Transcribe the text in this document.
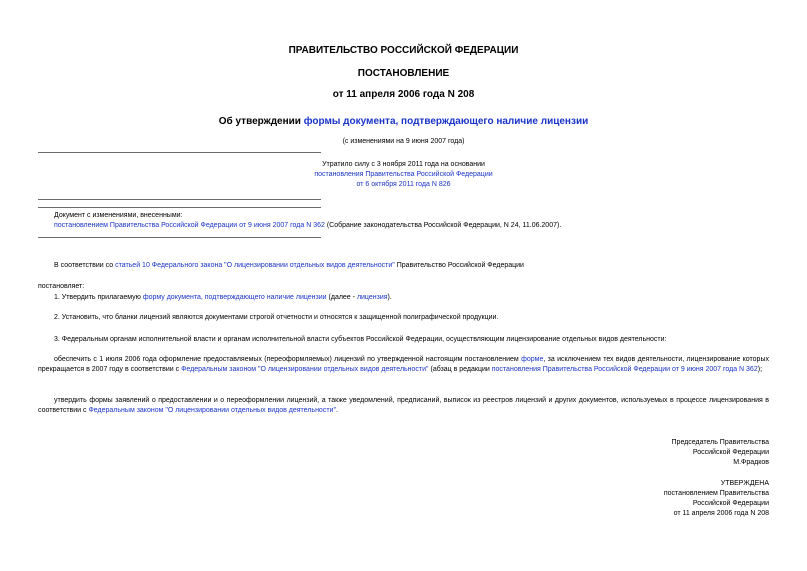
ПРАВИТЕЛЬСТВО РОССИЙСКОЙ ФЕДЕРАЦИИ
ПОСТАНОВЛЕНИЕ
от 11 апреля 2006 года N 208
Об утверждении формы документа, подтверждающего наличие лицензии
(с изменениями на 9 июня 2007 года)
Утратило силу с 3 ноября 2011 года на основании
постановления Правительства Российской Федерации
от 6 октября 2011 года N 826
Документ с изменениями, внесенными:
постановлением Правительства Российской Федерации от 9 июня 2007 года N 362 (Собрание законодательства Российской Федерации, N 24, 11.06.2007).
В соответствии со статьей 10 Федерального закона "О лицензировании отдельных видов деятельности" Правительство Российской Федерации
постановляет:
1. Утвердить прилагаемую форму документа, подтверждающего наличие лицензии (далее - лицензия).
2. Установить, что бланки лицензий являются документами строгой отчетности и относятся к защищенной полиграфической продукции.
3. Федеральным органам исполнительной власти и органам исполнительной власти субъектов Российской Федерации, осуществляющим лицензирование отдельных видов деятельности:
обеспечить с 1 июля 2006 года оформление предоставляемых (переоформляемых) лицензий по утвержденной настоящим постановлением форме, за исключением тех видов деятельности, лицензирование которых прекращается в 2007 году в соответствии с Федеральным законом "О лицензировании отдельных видов деятельности" (абзац в редакции постановления Правительства Российской Федерации от 9 июня 2007 года N 362);
утвердить формы заявлений о предоставлении и о переоформлении лицензий, а также уведомлений, предписаний, выписок из реестров лицензий и других документов, используемых в процессе лицензирования в соответствии с Федеральным законом "О лицензировании отдельных видов деятельности".
Председатель Правительства
Российской Федерации
М.Фрадков
УТВЕРЖДЕНА
постановлением Правительства
Российской Федерации
от 11 апреля 2006 года N 208
